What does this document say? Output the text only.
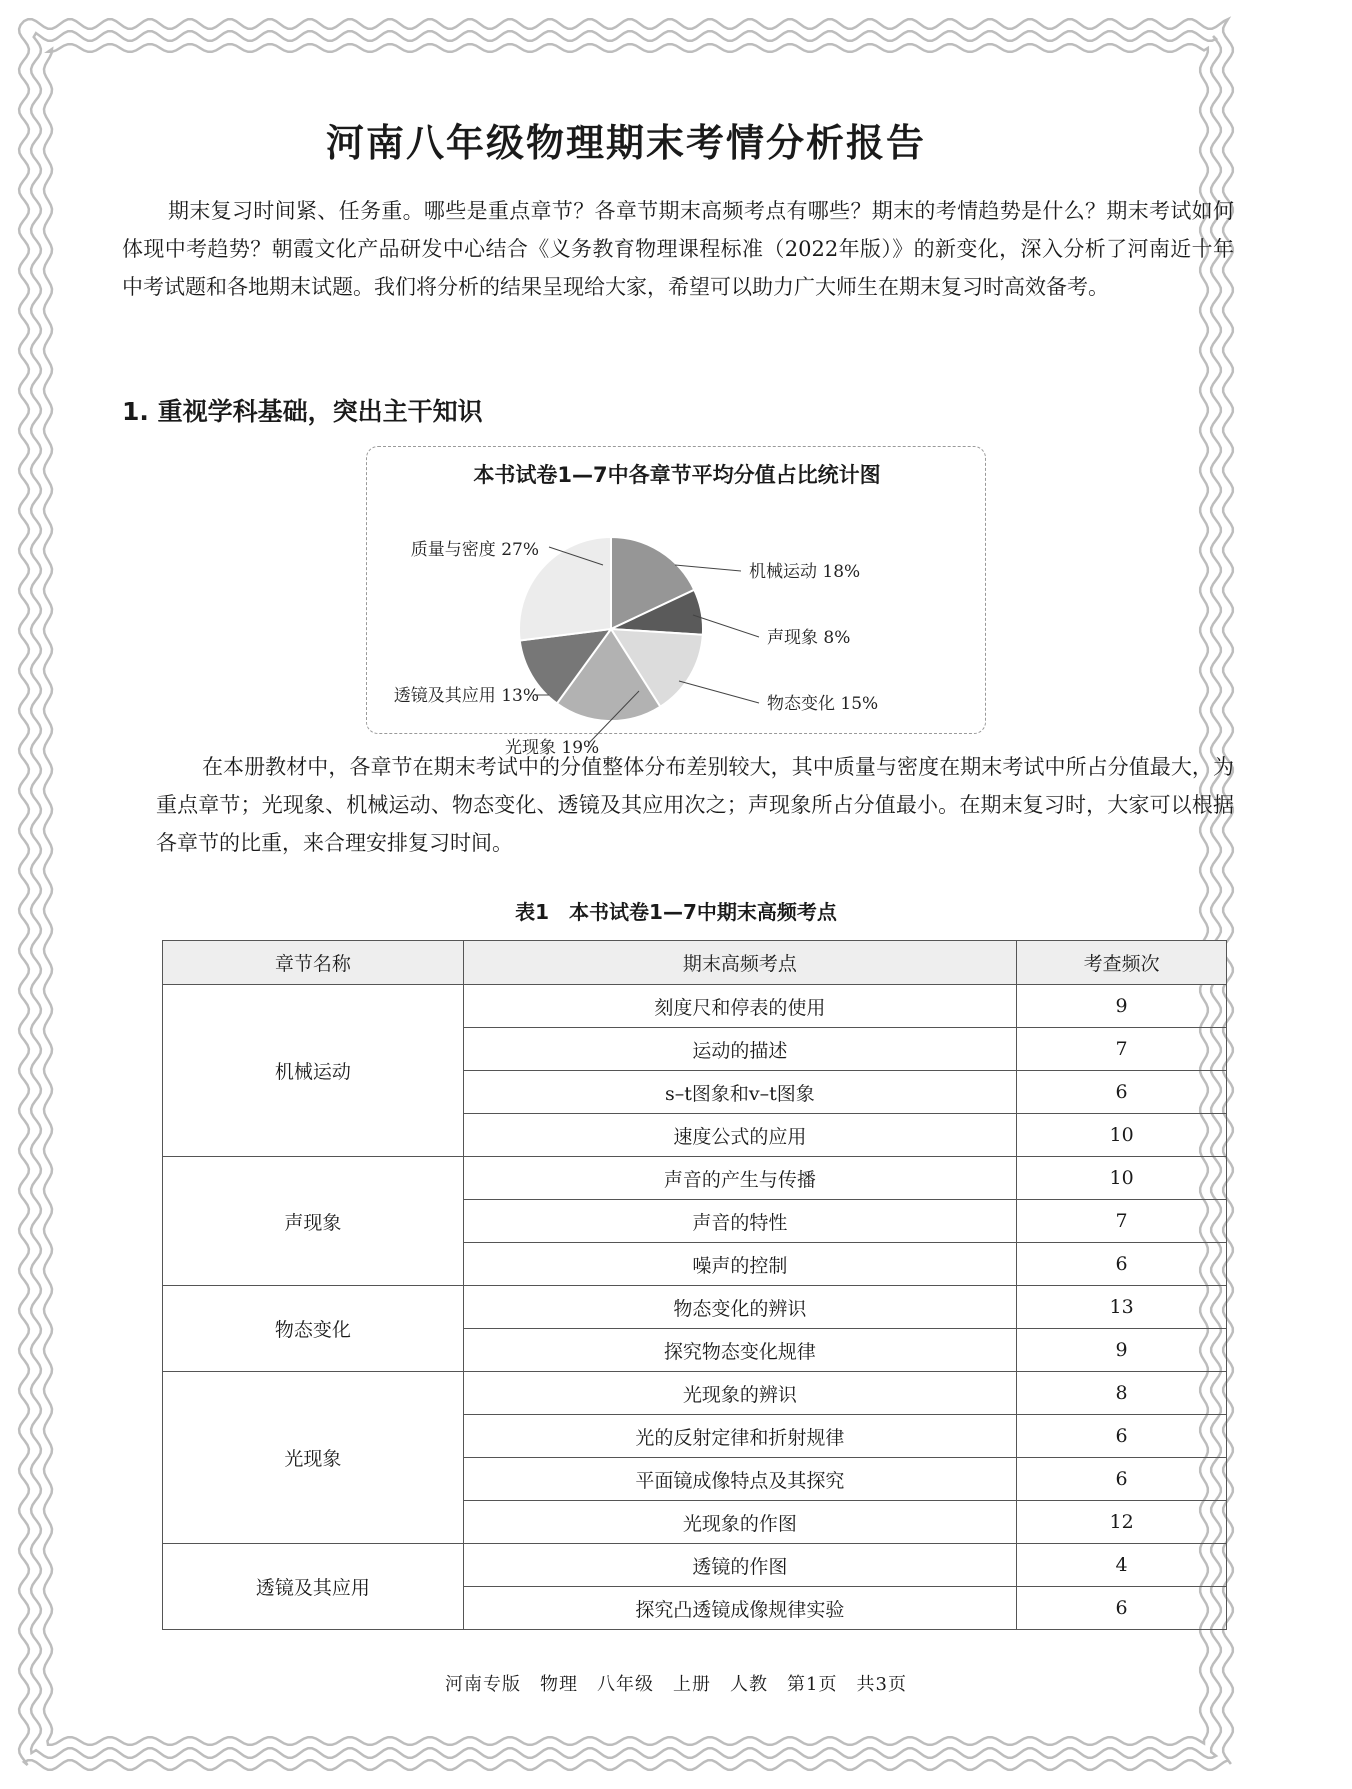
河南八年级物理期末考情分析报告

期末复习时间紧、任务重。哪些是重点章节？各章节期末高频考点有哪些？期末的考情趋势是什么？期末考试如何体现中考趋势？朝霞文化产品研发中心结合《义务教育物理课程标准（2022年版）》的新变化，深入分析了河南近十年中考试题和各地期末试题。我们将分析的结果呈现给大家，希望可以助力广大师生在期末复习时高效备考。

1. 重视学科基础，突出主干知识
本书试卷1—7中各章节平均分值占比统计图
机械运动 18%
声现象 8%
物态变化 15%
光现象 19%
透镜及其应用 13%
质量与密度 27%

在本册教材中，各章节在期末考试中的分值整体分布差别较大，其中质量与密度在期末考试中所占分值最大，为重点章节；光现象、机械运动、物态变化、透镜及其应用次之；声现象所占分值最小。在期末复习时，大家可以根据各章节的比重，来合理安排复习时间。

表1　本书试卷1—7中期末高频考点
章节名称	期末高频考点	考查频次
机械运动	刻度尺和停表的使用	9
	运动的描述	7
	s–t图象和v–t图象	6
	速度公式的应用	10
声现象	声音的产生与传播	10
	声音的特性	7
	噪声的控制	6
物态变化	物态变化的辨识	13
	探究物态变化规律	9
光现象	光现象的辨识	8
	光的反射定律和折射规律	6
	平面镜成像特点及其探究	6
	光现象的作图	12
透镜及其应用	透镜的作图	4
	探究凸透镜成像规律实验	6
河南专版　物理　八年级　上册　人教　第1页　共3页
